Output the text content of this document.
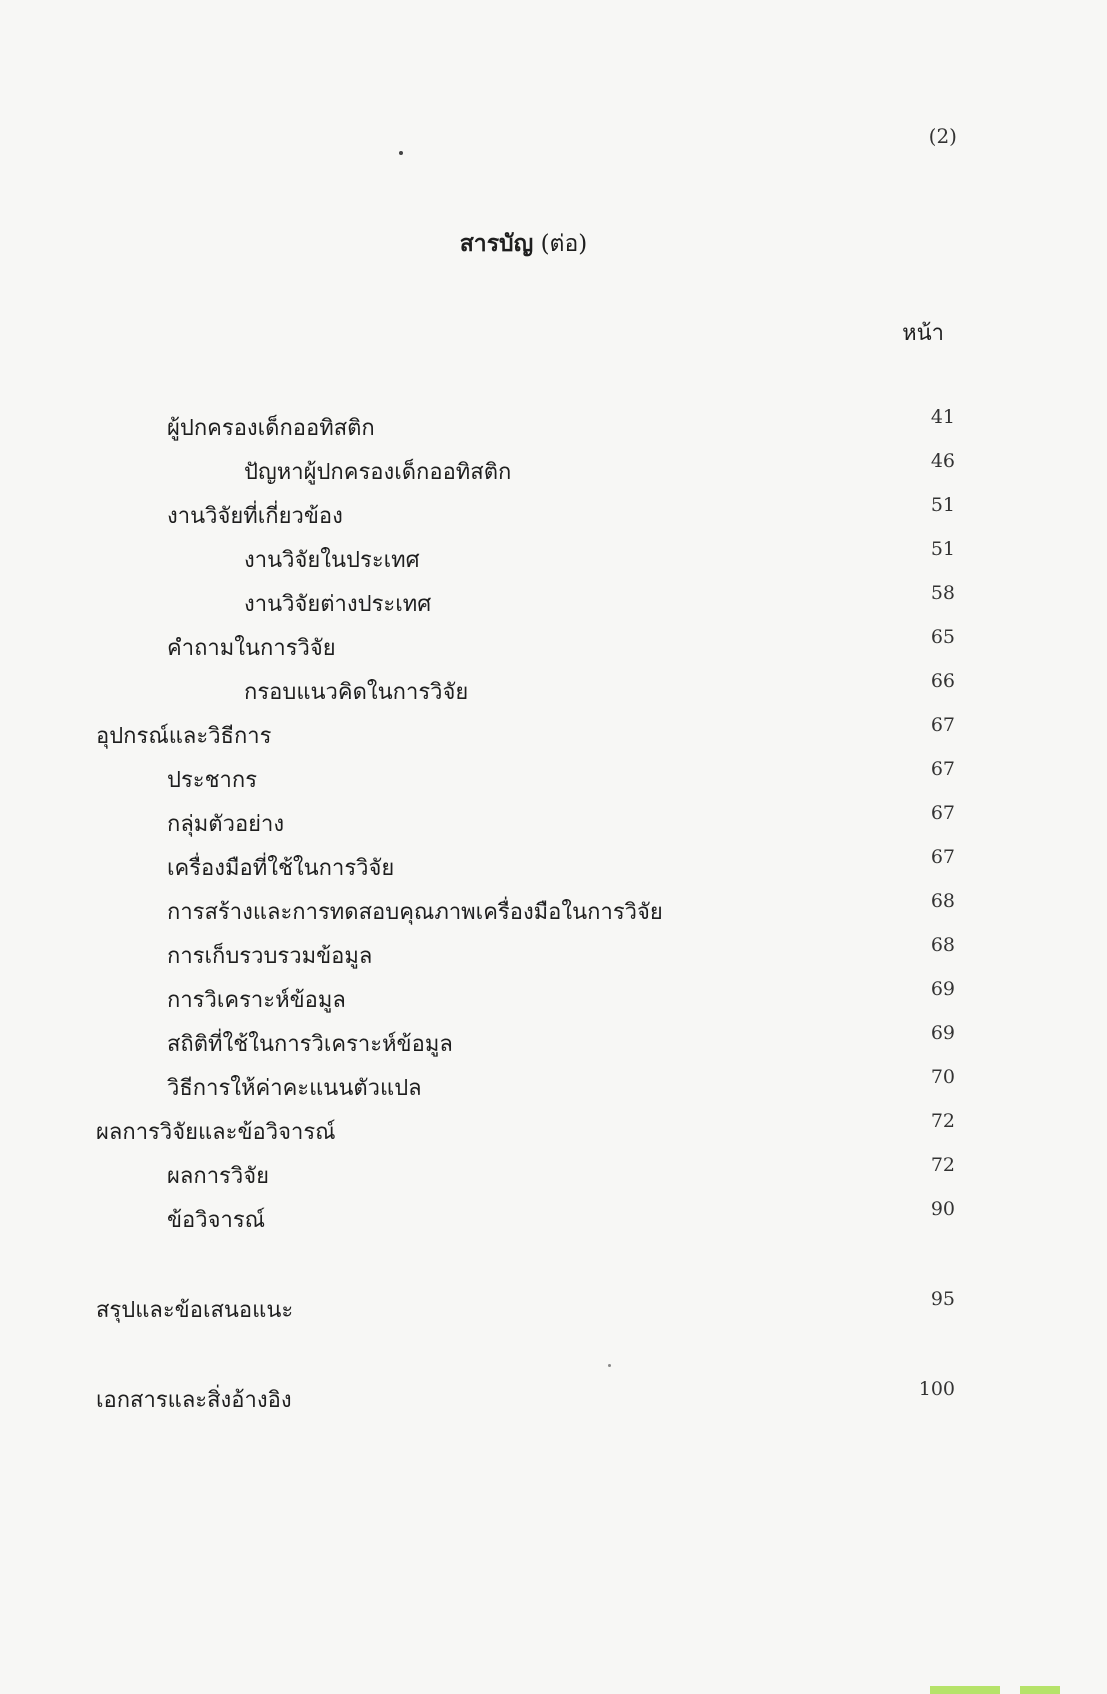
(2)
สารบัญ (ต่อ)
หน้า
ผู้ปกครองเด็กออทิสติก	41
ปัญหาผู้ปกครองเด็กออทิสติก	46
งานวิจัยที่เกี่ยวข้อง	51
งานวิจัยในประเทศ	51
งานวิจัยต่างประเทศ	58
คำถามในการวิจัย	65
กรอบแนวคิดในการวิจัย	66
อุปกรณ์และวิธีการ	67
ประชากร	67
กลุ่มตัวอย่าง	67
เครื่องมือที่ใช้ในการวิจัย	67
การสร้างและการทดสอบคุณภาพเครื่องมือในการวิจัย	68
การเก็บรวบรวมข้อมูล	68
การวิเคราะห์ข้อมูล	69
สถิติที่ใช้ในการวิเคราะห์ข้อมูล	69
วิธีการให้ค่าคะแนนตัวแปล	70
ผลการวิจัยและข้อวิจารณ์	72
ผลการวิจัย	72
ข้อวิจารณ์	90
สรุปและข้อเสนอแนะ	95
เอกสารและสิ่งอ้างอิง	100
